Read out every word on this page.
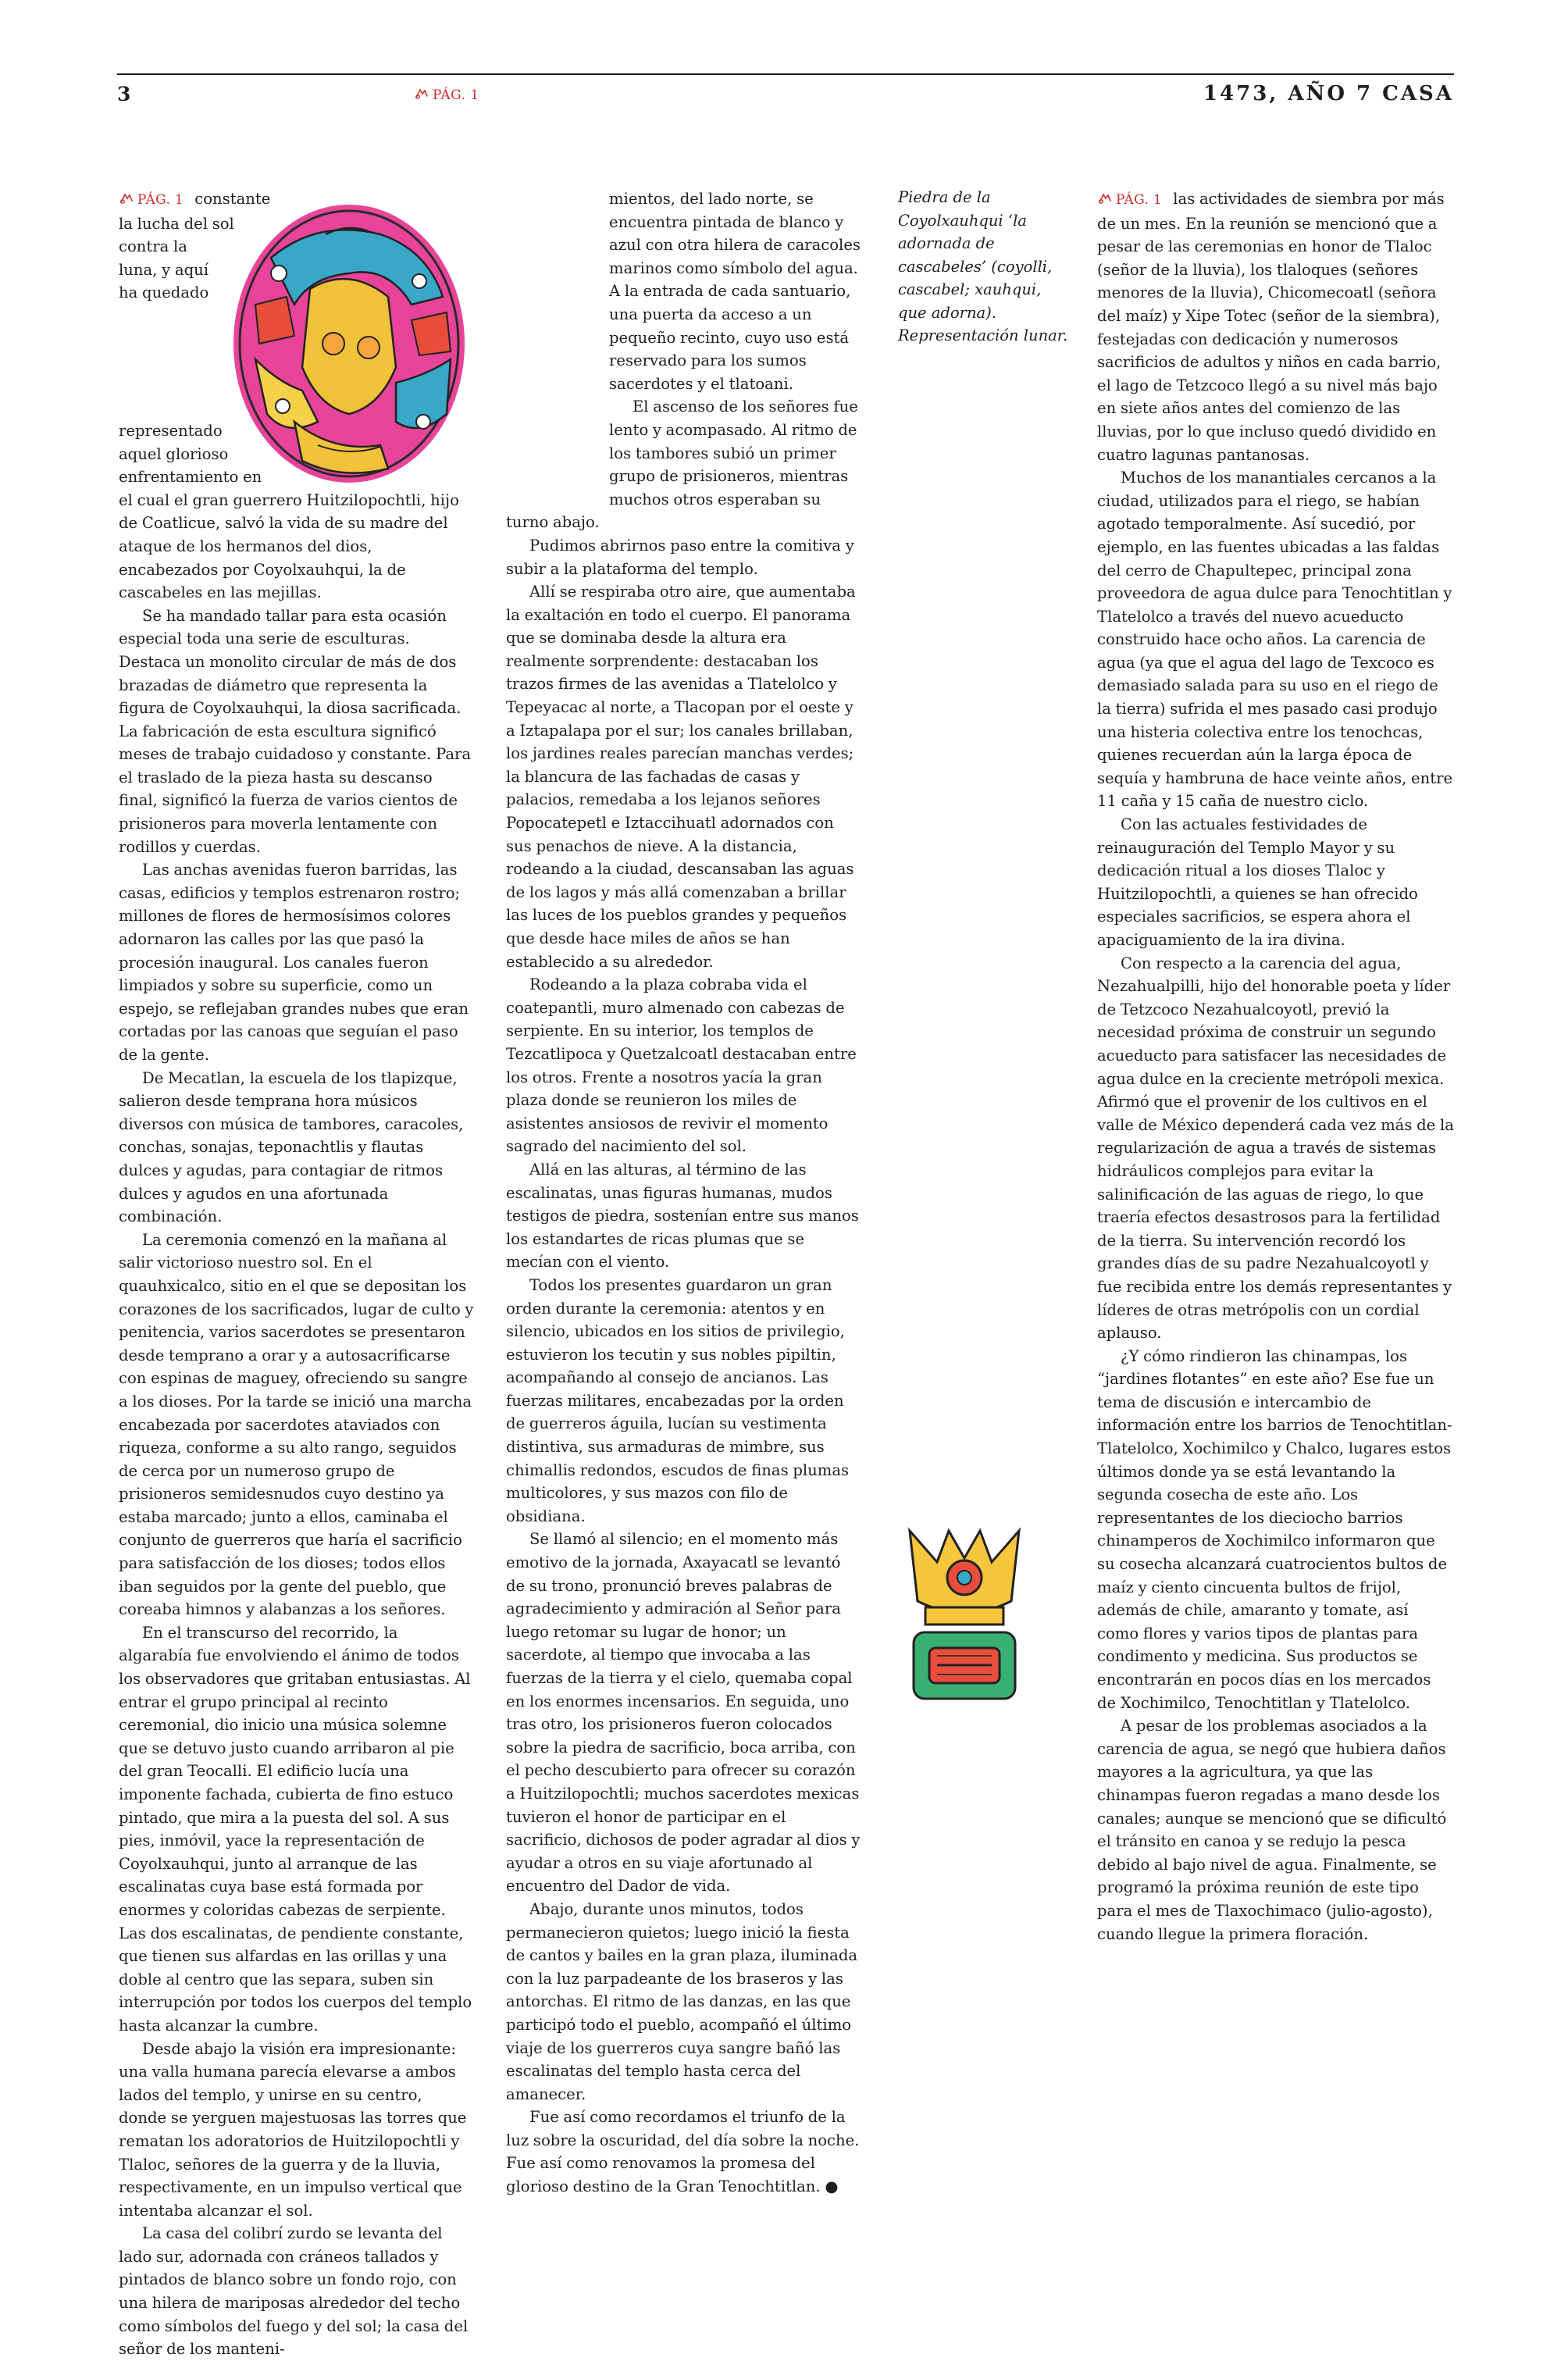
3	PÁG. 1	1473, AÑO 7 CASA

PÁG. 1 constante la lucha del sol contra la luna, y aquí ha quedado representado aquel glorioso enfrentamiento en el cual el gran guerrero Huitzilopochtli, hijo de Coatlicue, salvó la vida de su madre del ataque de los hermanos del dios, encabezados por Coyolxauhqui, la de cascabeles en las mejillas.

Se ha mandado tallar para esta ocasión especial toda una serie de esculturas. Destaca un monolito circular de más de dos brazadas de diámetro que representa la figura de Coyolxauhqui, la diosa sacrificada. La fabricación de esta escultura significó meses de trabajo cuidadoso y constante. Para el traslado de la pieza hasta su descanso final, significó la fuerza de varios cientos de prisioneros para moverla lentamente con rodillos y cuerdas.

Las anchas avenidas fueron barridas, las casas, edificios y templos estrenaron rostro; millones de flores de hermosísimos colores adornaron las calles por las que pasó la procesión inaugural. Los canales fueron limpiados y sobre su superficie, como un espejo, se reflejaban grandes nubes que eran cortadas por las canoas que seguían el paso de la gente.

De Mecatlan, la escuela de los tlapizque, salieron desde temprana hora músicos diversos con música de tambores, caracoles, conchas, sonajas, teponachtlis y flautas dulces y agudas, para contagiar de ritmos dulces y agudos en una afortunada combinación.

La ceremonia comenzó en la mañana al salir victorioso nuestro sol. En el quauhxicalco, sitio en el que se depositan los corazones de los sacrificados, lugar de culto y penitencia, varios sacerdotes se presentaron desde temprano a orar y a autosacrificarse con espinas de maguey, ofreciendo su sangre a los dioses. Por la tarde se inició una marcha encabezada por sacerdotes ataviados con riqueza, conforme a su alto rango, seguidos de cerca por un numeroso grupo de prisioneros semidesnudos cuyo destino ya estaba marcado; junto a ellos, caminaba el conjunto de guerreros que haría el sacrificio para satisfacción de los dioses; todos ellos iban seguidos por la gente del pueblo, que coreaba himnos y alabanzas a los señores.

En el transcurso del recorrido, la algarabía fue envolviendo el ánimo de todos los observadores que gritaban entusiastas. Al entrar el grupo principal al recinto ceremonial, dio inicio una música solemne que se detuvo justo cuando arribaron al pie del gran Teocalli. El edificio lucía una imponente fachada, cubierta de fino estuco pintado, que mira a la puesta del sol. A sus pies, inmóvil, yace la representación de Coyolxauhqui, junto al arranque de las escalinatas cuya base está formada por enormes y coloridas cabezas de serpiente. Las dos escalinatas, de pendiente constante, que tienen sus alfardas en las orillas y una doble al centro que las separa, suben sin interrupción por todos los cuerpos del templo hasta alcanzar la cumbre.

Desde abajo la visión era impresionante: una valla humana parecía elevarse a ambos lados del templo, y unirse en su centro, donde se yerguen majestuosas las torres que rematan los adoratorios de Huitzilopochtli y Tlaloc, señores de la guerra y de la lluvia, respectivamente, en un impulso vertical que intentaba alcanzar el sol.

La casa del colibrí zurdo se levanta del lado sur, adornada con cráneos tallados y pintados de blanco sobre un fondo rojo, con una hilera de mariposas alrededor del techo como símbolos del fuego y del sol; la casa del señor de los manteni-

mientos, del lado norte, se encuentra pintada de blanco y azul con otra hilera de caracoles marinos como símbolo del agua. A la entrada de cada santuario, una puerta da acceso a un pequeño recinto, cuyo uso está reservado para los sumos sacerdotes y el tlatoani.

El ascenso de los señores fue lento y acompasado. Al ritmo de los tambores subió un primer grupo de prisioneros, mientras muchos otros esperaban su turno abajo.

Pudimos abrirnos paso entre la comitiva y subir a la plataforma del templo.

Allí se respiraba otro aire, que aumentaba la exaltación en todo el cuerpo. El panorama que se dominaba desde la altura era realmente sorprendente: destacaban los trazos firmes de las avenidas a Tlatelolco y Tepeyacac al norte, a Tlacopan por el oeste y a Iztapalapa por el sur; los canales brillaban, los jardines reales parecían manchas verdes; la blancura de las fachadas de casas y palacios, remedaba a los lejanos señores Popocatepetl e Iztaccihuatl adornados con sus penachos de nieve. A la distancia, rodeando a la ciudad, descansaban las aguas de los lagos y más allá comenzaban a brillar las luces de los pueblos grandes y pequeños que desde hace miles de años se han establecido a su alrededor.

Rodeando a la plaza cobraba vida el coatepantli, muro almenado con cabezas de serpiente. En su interior, los templos de Tezcatlipoca y Quetzalcoatl destacaban entre los otros. Frente a nosotros yacía la gran plaza donde se reunieron los miles de asistentes ansiosos de revivir el momento sagrado del nacimiento del sol.

Allá en las alturas, al término de las escalinatas, unas figuras humanas, mudos testigos de piedra, sostenían entre sus manos los estandartes de ricas plumas que se mecían con el viento.

Todos los presentes guardaron un gran orden durante la ceremonia: atentos y en silencio, ubicados en los sitios de privilegio, estuvieron los tecutin y sus nobles pipiltin, acompañando al consejo de ancianos. Las fuerzas militares, encabezadas por la orden de guerreros águila, lucían su vestimenta distintiva, sus armaduras de mimbre, sus chimallis redondos, escudos de finas plumas multicolores, y sus mazos con filo de obsidiana.

Se llamó al silencio; en el momento más emotivo de la jornada, Axayacatl se levantó de su trono, pronunció breves palabras de agradecimiento y admiración al Señor para luego retomar su lugar de honor; un sacerdote, al tiempo que invocaba a las fuerzas de la tierra y el cielo, quemaba copal en los enormes incensarios. En seguida, uno tras otro, los prisioneros fueron colocados sobre la piedra de sacrificio, boca arriba, con el pecho descubierto para ofrecer su corazón a Huitzilopochtli; muchos sacerdotes mexicas tuvieron el honor de participar en el sacrificio, dichosos de poder agradar al dios y ayudar a otros en su viaje afortunado al encuentro del Dador de vida.

Abajo, durante unos minutos, todos permanecieron quietos; luego inició la fiesta de cantos y bailes en la gran plaza, iluminada con la luz parpadeante de los braseros y las antorchas. El ritmo de las danzas, en las que participó todo el pueblo, acompañó el último viaje de los guerreros cuya sangre bañó las escalinatas del templo hasta cerca del amanecer.

Fue así como recordamos el triunfo de la luz sobre la oscuridad, del día sobre la noche. Fue así como renovamos la promesa del glorioso destino de la Gran Tenochtitlan. ●

Piedra de la Coyolxauhqui ‘la adornada de cascabeles’ (coyolli, cascabel; xauhqui, que adorna). Representación lunar.

PÁG. 1 las actividades de siembra por más de un mes. En la reunión se mencionó que a pesar de las ceremonias en honor de Tlaloc (señor de la lluvia), los tlaloques (señores menores de la lluvia), Chicomecoatl (señora del maíz) y Xipe Totec (señor de la siembra), festejadas con dedicación y numerosos sacrificios de adultos y niños en cada barrio, el lago de Tetzcoco llegó a su nivel más bajo en siete años antes del comienzo de las lluvias, por lo que incluso quedó dividido en cuatro lagunas pantanosas.

Muchos de los manantiales cercanos a la ciudad, utilizados para el riego, se habían agotado temporalmente. Así sucedió, por ejemplo, en las fuentes ubicadas a las faldas del cerro de Chapultepec, principal zona proveedora de agua dulce para Tenochtitlan y Tlatelolco a través del nuevo acueducto construido hace ocho años. La carencia de agua (ya que el agua del lago de Texcoco es demasiado salada para su uso en el riego de la tierra) sufrida el mes pasado casi produjo una histeria colectiva entre los tenochcas, quienes recuerdan aún la larga época de sequía y hambruna de hace veinte años, entre 11 caña y 15 caña de nuestro ciclo.

Con las actuales festividades de reinauguración del Templo Mayor y su dedicación ritual a los dioses Tlaloc y Huitzilopochtli, a quienes se han ofrecido especiales sacrificios, se espera ahora el apaciguamiento de la ira divina.

Con respecto a la carencia del agua, Nezahualpilli, hijo del honorable poeta y líder de Tetzcoco Nezahualcoyotl, previó la necesidad próxima de construir un segundo acueducto para satisfacer las necesidades de agua dulce en la creciente metrópoli mexica. Afirmó que el provenir de los cultivos en el valle de México dependerá cada vez más de la regularización de agua a través de sistemas hidráulicos complejos para evitar la salinificación de las aguas de riego, lo que traería efectos desastrosos para la fertilidad de la tierra. Su intervención recordó los grandes días de su padre Nezahualcoyotl y fue recibida entre los demás representantes y líderes de otras metrópolis con un cordial aplauso.

¿Y cómo rindieron las chinampas, los “jardines flotantes” en este año? Ese fue un tema de discusión e intercambio de información entre los barrios de Tenochtitlan-Tlatelolco, Xochimilco y Chalco, lugares estos últimos donde ya se está levantando la segunda cosecha de este año. Los representantes de los dieciocho barrios chinamperos de Xochimilco informaron que su cosecha alcanzará cuatrocientos bultos de maíz y ciento cincuenta bultos de frijol, además de chile, amaranto y tomate, así como flores y varios tipos de plantas para condimento y medicina. Sus productos se encontrarán en pocos días en los mercados de Xochimilco, Tenochtitlan y Tlatelolco.

A pesar de los problemas asociados a la carencia de agua, se negó que hubiera daños mayores a la agricultura, ya que las chinampas fueron regadas a mano desde los canales; aunque se mencionó que se dificultó el tránsito en canoa y se redujo la pesca debido al bajo nivel de agua. Finalmente, se programó la próxima reunión de este tipo para el mes de Tlaxochimaco (julio-agosto), cuando llegue la primera floración.
